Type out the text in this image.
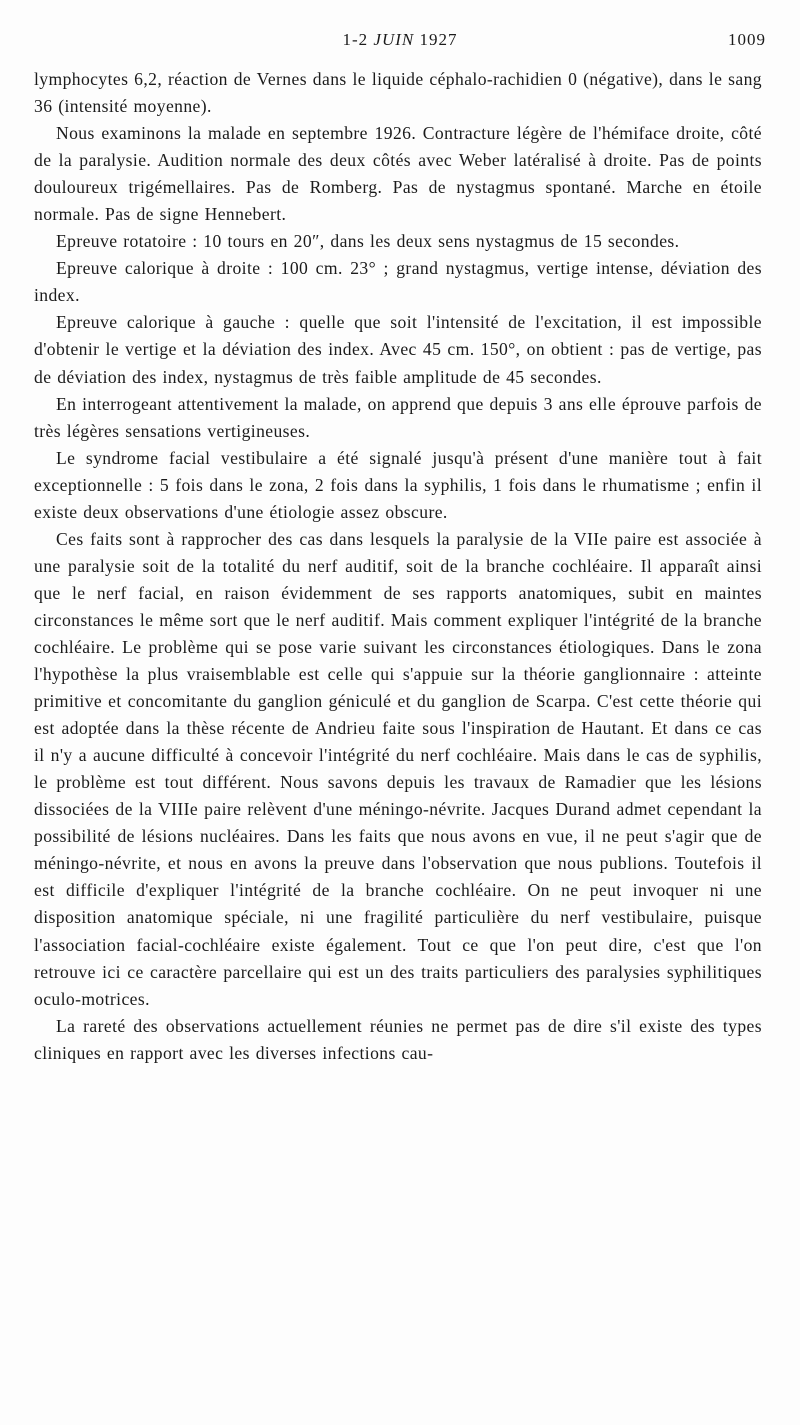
1-2 JUIN 1927	1009

lymphocytes 6,2, réaction de Vernes dans le liquide céphalo-rachidien 0 (négative), dans le sang 36 (intensité moyenne).

Nous examinons la malade en septembre 1926. Contracture légère de l'hémiface droite, côté de la paralysie. Audition normale des deux côtés avec Weber latéralisé à droite. Pas de points douloureux trigémellaires. Pas de Romberg. Pas de nystagmus spontané. Marche en étoile normale. Pas de signe Hennebert.

Epreuve rotatoire : 10 tours en 20″, dans les deux sens nystagmus de 15 secondes.

Epreuve calorique à droite : 100 cm. 23° ; grand nystagmus, vertige intense, déviation des index.

Epreuve calorique à gauche : quelle que soit l'intensité de l'excitation, il est impossible d'obtenir le vertige et la déviation des index. Avec 45 cm. 150°, on obtient : pas de vertige, pas de déviation des index, nystagmus de très faible amplitude de 45 secondes.

En interrogeant attentivement la malade, on apprend que depuis 3 ans elle éprouve parfois de très légères sensations vertigineuses.

Le syndrome facial vestibulaire a été signalé jusqu'à présent d'une manière tout à fait exceptionnelle : 5 fois dans le zona, 2 fois dans la syphilis, 1 fois dans le rhumatisme ; enfin il existe deux observations d'une étiologie assez obscure.

Ces faits sont à rapprocher des cas dans lesquels la paralysie de la VIIe paire est associée à une paralysie soit de la totalité du nerf auditif, soit de la branche cochléaire. Il apparaît ainsi que le nerf facial, en raison évidemment de ses rapports anatomiques, subit en maintes circonstances le même sort que le nerf auditif. Mais comment expliquer l'intégrité de la branche cochléaire. Le problème qui se pose varie suivant les circonstances étiologiques. Dans le zona l'hypothèse la plus vraisemblable est celle qui s'appuie sur la théorie ganglionnaire : atteinte primitive et concomitante du ganglion géniculé et du ganglion de Scarpa. C'est cette théorie qui est adoptée dans la thèse récente de Andrieu faite sous l'inspiration de Hautant. Et dans ce cas il n'y a aucune difficulté à concevoir l'intégrité du nerf cochléaire. Mais dans le cas de syphilis, le problème est tout différent. Nous savons depuis les travaux de Ramadier que les lésions dissociées de la VIIIe paire relèvent d'une méningo-névrite. Jacques Durand admet cependant la possibilité de lésions nucléaires. Dans les faits que nous avons en vue, il ne peut s'agir que de méningo-névrite, et nous en avons la preuve dans l'observation que nous publions. Toutefois il est difficile d'expliquer l'intégrité de la branche cochléaire. On ne peut invoquer ni une disposition anatomique spéciale, ni une fragilité particulière du nerf vestibulaire, puisque l'association facial-cochléaire existe également. Tout ce que l'on peut dire, c'est que l'on retrouve ici ce caractère parcellaire qui est un des traits particuliers des paralysies syphilitiques oculo-motrices.

La rareté des observations actuellement réunies ne permet pas de dire s'il existe des types cliniques en rapport avec les diverses infections cau-
